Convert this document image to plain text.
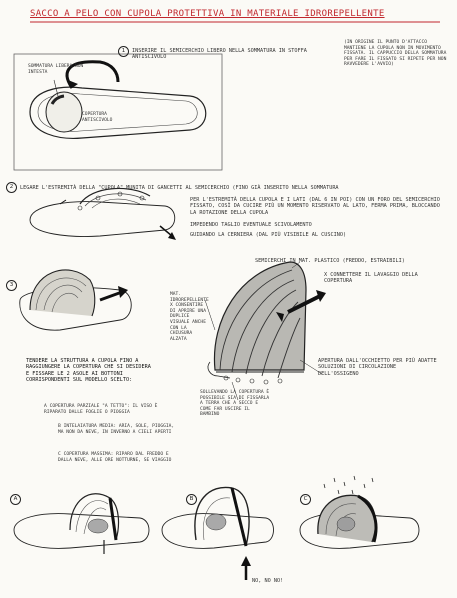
SACCO A PELO CON CUPOLA PROTETTIVA IN MATERIALE IDROREPELLENTE
1	INSERIRE IL SEMICERCHIO LIBERO NELLA SOMMATURA IN STOFFA ANTISCIVOLO
(IN ORIGINE IL PUNTO D'ATTACCO MANTIENE LA CUPOLA NON IN MOVIMENTO FISSATA. IL CAPPUCCIO DELLA SOMMATURA PER FARE IL FISSATO SI RIPETE PER NON RAVVEDERE L'AVVIO)
SOMMATURA LIBERA NON INTESTA
COPERTURA ANTISCIVOLO
2	LEGARE L'ESTREMITÀ DELLA "CUPOLA" MUNITA DI GANCETTI AL SEMICERCHIO (FINO GIÀ INSERITO NELLA SOMMATURA
PER L'ESTREMITÀ DELLA CUPOLA E I LATI (DAL 6 IN POI) CON UN FORO DEL SEMICERCHIO FISSATO, COSÌ DA CUCIRE PIÙ UN MOMENTO RISERVATO AL LATO, FERMA PRIMA, BLOCCANDO LA ROTAZIONE DELLA CUPOLA
IMPEDENDO TAGLIO EVENTUALE SCIVOLAMENTO
GUIDANDO LA CERNIERA (DAL PIÙ VISIBILE AL CUSCINO)
3
SEMICERCHI IN MAT. PLASTICO (FREDDO, ESTRAIBILI)
X CONNETTERE IL LAVAGGIO DELLA COPERTURA
MAT. IDROREPELLENTE X CONSENTIRE DI APRIRE UNA DUPLICE VISUALE ANCHE CON LA CHIUSURA ALZATA
APERTURA DALL'OCCHIETTO PER PIÙ ADATTE SOLUZIONI DI CIRCOLAZIONE DELL'OSSIGENO
SOLLEVANDO LA COPERTURA È POSSIBILE SIA DI FISSARLA A TERRA CHE A SECCO E COME FAR USCIRE IL BAMBINO
TENDERE LA STRUTTURA A CUPOLA FINO A RAGGIUNGERE LA COPERTURA CHE SI DESIDERA E FISSARE LE 2 ASOLE AI BOTTONI CORRISPONDENTI SUL MODELLO SCELTO:
A COPERTURA PARZIALE "A TETTO": IL VISO È RIPARATO DALLE FOGLIE O PIOGGIA
B INTELAIATURA MEDIA: ARIA, SOLE, PIOGGIA, MA NON DA NEVE, IN INVERNO A CIELI APERTI
C COPERTURA MASSIMA: RIPARO DAL FREDDO E DALLA NEVE, ALLE ORE NOTTURNE, SE VIAGGIO
A	B	C
NO, NO NO!
